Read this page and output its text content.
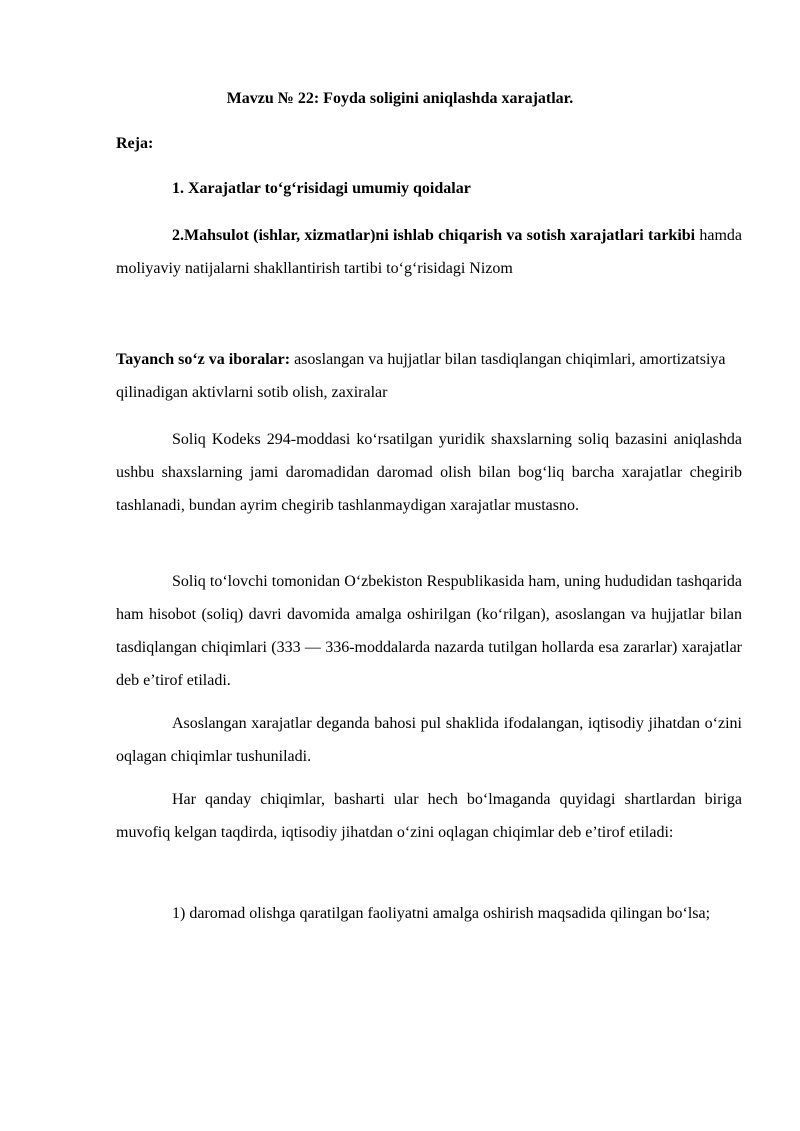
Mavzu № 22: Foyda soligini aniqlashda xarajatlar.
Reja:
1. Xarajatlar to‘g‘risidagi umumiy qoidalar
2.Mahsulot (ishlar, xizmatlar)ni ishlab chiqarish va sotish xarajatlari tarkibi hamda moliyaviy natijalarni shakllantirish tartibi to‘g‘risidagi Nizom
Tayanch so‘z va iboralar: asoslangan va hujjatlar bilan tasdiqlangan chiqimlari, amortizatsiya qilinadigan aktivlarni sotib olish, zaxiralar
Soliq Kodeks 294-moddasi ko‘rsatilgan yuridik shaxslarning soliq bazasini aniqlashda ushbu shaxslarning jami daromadidan daromad olish bilan bog‘liq barcha xarajatlar chegirib tashlanadi, bundan ayrim chegirib tashlanmaydigan xarajatlar mustasno.
Soliq to‘lovchi tomonidan O‘zbekiston Respublikasida ham, uning hududidan tashqarida ham hisobot (soliq) davri davomida amalga oshirilgan (ko‘rilgan), asoslangan va hujjatlar bilan tasdiqlangan chiqimlari (333 — 336-moddalarda nazarda tutilgan hollarda esa zararlar) xarajatlar deb e’tirof etiladi.
Asoslangan xarajatlar deganda bahosi pul shaklida ifodalangan, iqtisodiy jihatdan o‘zini oqlagan chiqimlar tushuniladi.
Har qanday chiqimlar, basharti ular hech bo‘lmaganda quyidagi shartlardan biriga muvofiq kelgan taqdirda, iqtisodiy jihatdan o‘zini oqlagan chiqimlar deb e’tirof etiladi:
1) daromad olishga qaratilgan faoliyatni amalga oshirish maqsadida qilingan bo‘lsa;
